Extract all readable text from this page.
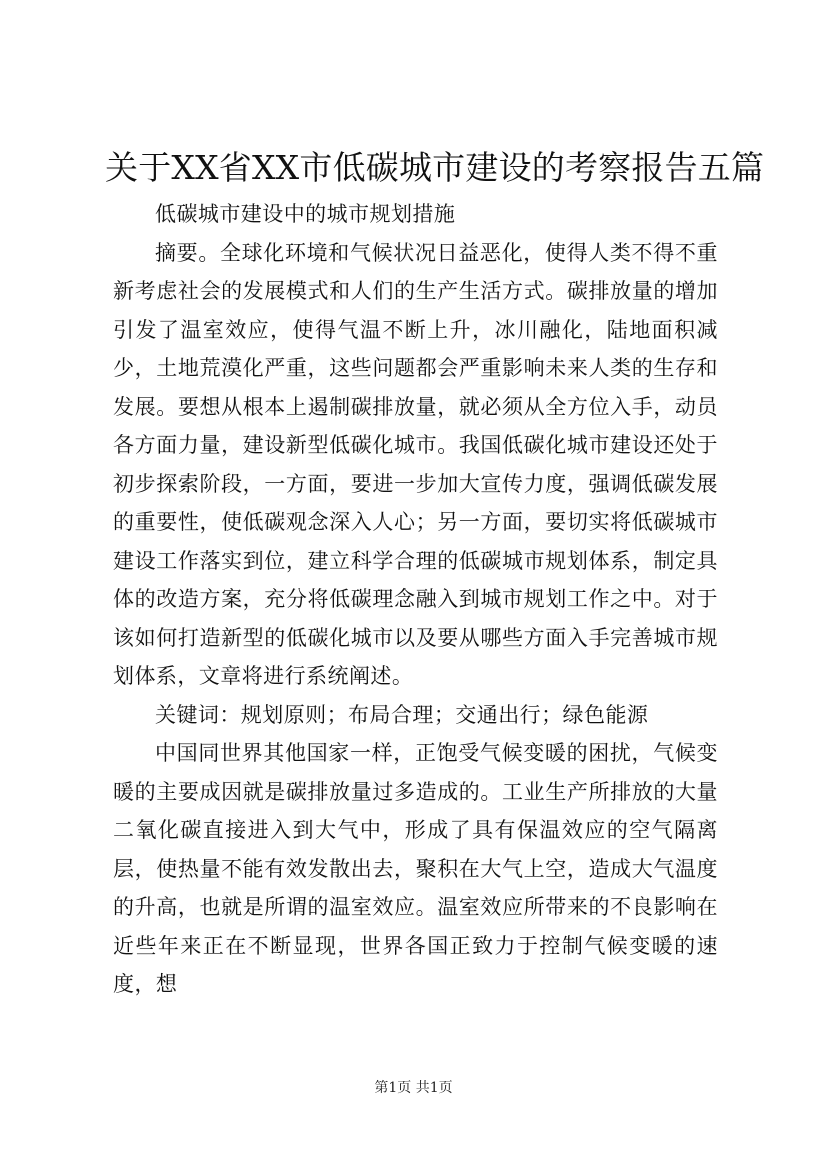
关于XX省XX市低碳城市建设的考察报告五篇

低碳城市建设中的城市规划措施

摘要。全球化环境和气候状况日益恶化，使得人类不得不重新考虑社会的发展模式和人们的生产生活方式。碳排放量的增加引发了温室效应，使得气温不断上升，冰川融化，陆地面积减少，土地荒漠化严重，这些问题都会严重影响未来人类的生存和发展。要想从根本上遏制碳排放量，就必须从全方位入手，动员各方面力量，建设新型低碳化城市。我国低碳化城市建设还处于初步探索阶段，一方面，要进一步加大宣传力度，强调低碳发展的重要性，使低碳观念深入人心；另一方面，要切实将低碳城市建设工作落实到位，建立科学合理的低碳城市规划体系，制定具体的改造方案，充分将低碳理念融入到城市规划工作之中。对于该如何打造新型的低碳化城市以及要从哪些方面入手完善城市规划体系，文章将进行系统阐述。

关键词：规划原则；布局合理；交通出行；绿色能源

中国同世界其他国家一样，正饱受气候变暖的困扰，气候变暖的主要成因就是碳排放量过多造成的。工业生产所排放的大量二氧化碳直接进入到大气中，形成了具有保温效应的空气隔离层，使热量不能有效发散出去，聚积在大气上空，造成大气温度的升高，也就是所谓的温室效应。温室效应所带来的不良影响在近些年来正在不断显现，世界各国正致力于控制气候变暖的速度，想

第1页 共1页
